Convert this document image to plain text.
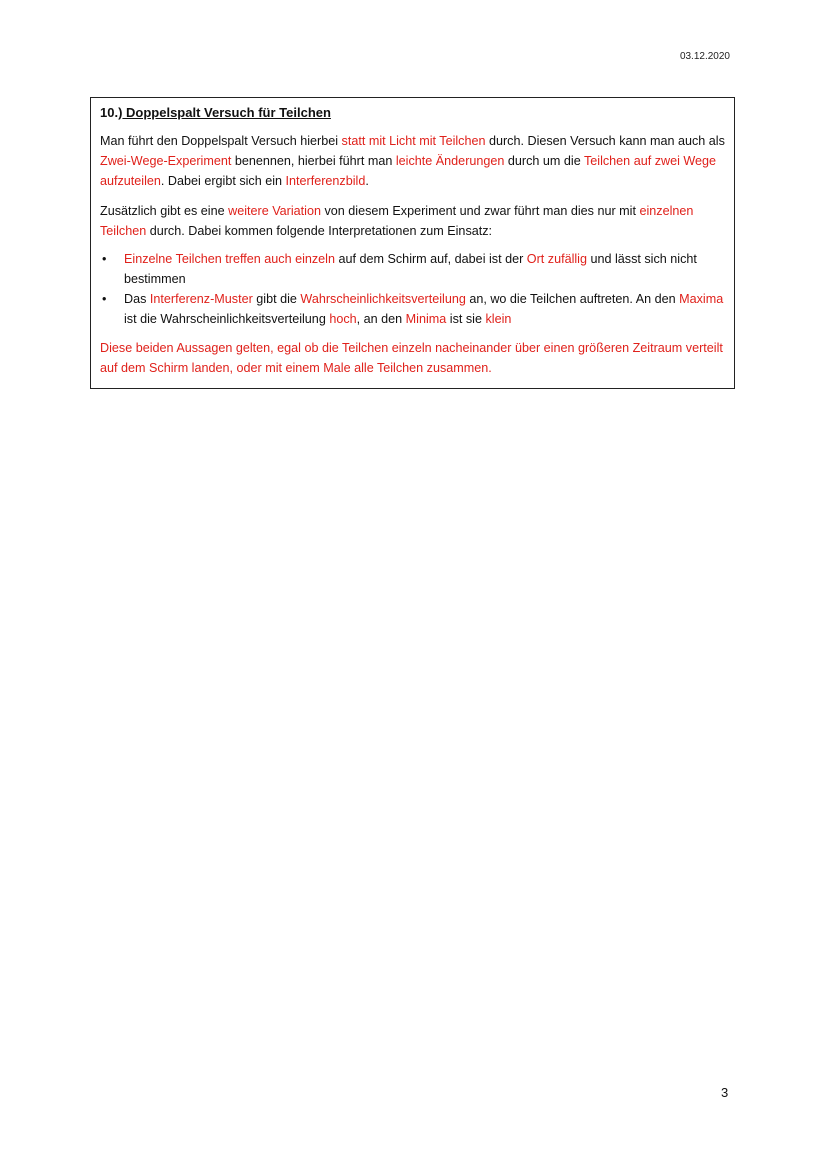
03.12.2020
10.) Doppelspalt Versuch für Teilchen

Man führt den Doppelspalt Versuch hierbei statt mit Licht mit Teilchen durch. Diesen Versuch kann man auch als Zwei-Wege-Experiment benennen, hierbei führt man leichte Änderungen durch um die Teilchen auf zwei Wege aufzuteilen. Dabei ergibt sich ein Interferenzbild.

Zusätzlich gibt es eine weitere Variation von diesem Experiment und zwar führt man dies nur mit einzelnen Teilchen durch. Dabei kommen folgende Interpretationen zum Einsatz:

• Einzelne Teilchen treffen auch einzeln auf dem Schirm auf, dabei ist der Ort zufällig und lässt sich nicht bestimmen
• Das Interferenz-Muster gibt die Wahrscheinlichkeitsverteilung an, wo die Teilchen auftreten. An den Maxima ist die Wahrscheinlichkeitsverteilung hoch, an den Minima ist sie klein

Diese beiden Aussagen gelten, egal ob die Teilchen einzeln nacheinander über einen größeren Zeitraum verteilt auf dem Schirm landen, oder mit einem Male alle Teilchen zusammen.

3
